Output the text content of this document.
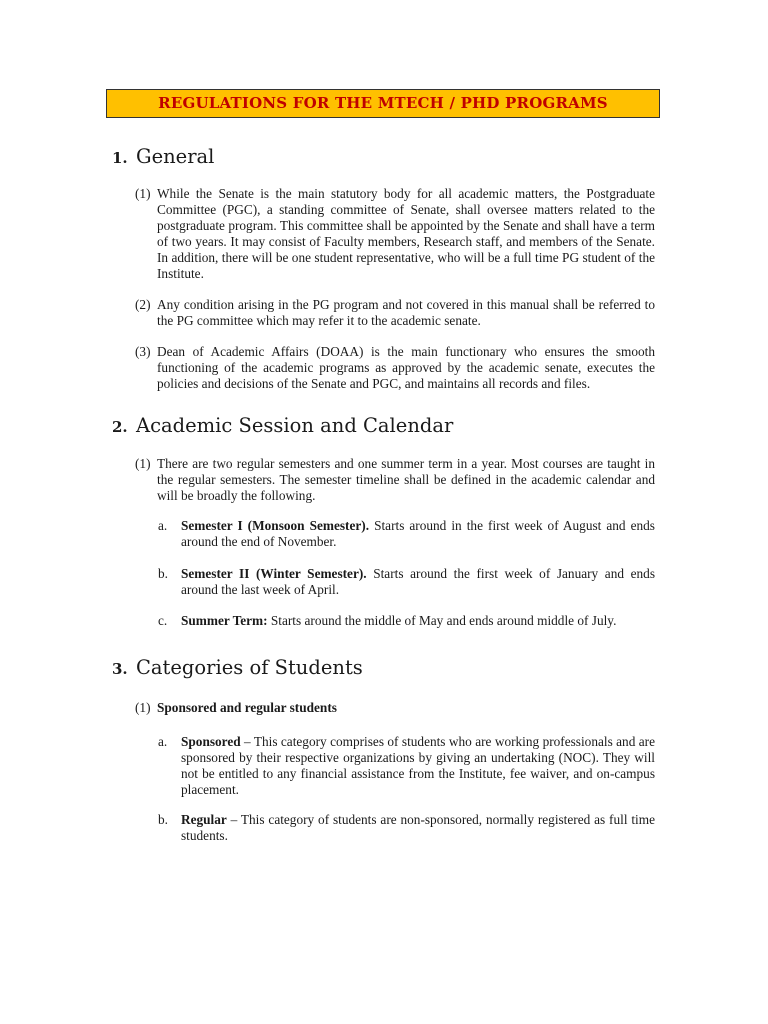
REGULATIONS FOR THE MTECH / PHD PROGRAMS
1. General
(1) While the Senate is the main statutory body for all academic matters, the Postgraduate Committee (PGC), a standing committee of Senate, shall oversee matters related to the postgraduate program. This committee shall be appointed by the Senate and shall have a term of two years. It may consist of Faculty members, Research staff, and members of the Senate. In addition, there will be one student representative, who will be a full time PG student of the Institute.
(2) Any condition arising in the PG program and not covered in this manual shall be referred to the PG committee which may refer it to the academic senate.
(3) Dean of Academic Affairs (DOAA) is the main functionary who ensures the smooth functioning of the academic programs as approved by the academic senate, executes the policies and decisions of the Senate and PGC, and maintains all records and files.
2. Academic Session and Calendar
(1) There are two regular semesters and one summer term in a year. Most courses are taught in the regular semesters. The semester timeline shall be defined in the academic calendar and will be broadly the following.
a. Semester I (Monsoon Semester). Starts around in the first week of August and ends around the end of November.
b. Semester II (Winter Semester). Starts around the first week of January and ends around the last week of April.
c. Summer Term: Starts around the middle of May and ends around middle of July.
3. Categories of Students
(1) Sponsored and regular students
a. Sponsored – This category comprises of students who are working professionals and are sponsored by their respective organizations by giving an undertaking (NOC). They will not be entitled to any financial assistance from the Institute, fee waiver, and on-campus placement.
b. Regular – This category of students are non-sponsored, normally registered as full time students.
